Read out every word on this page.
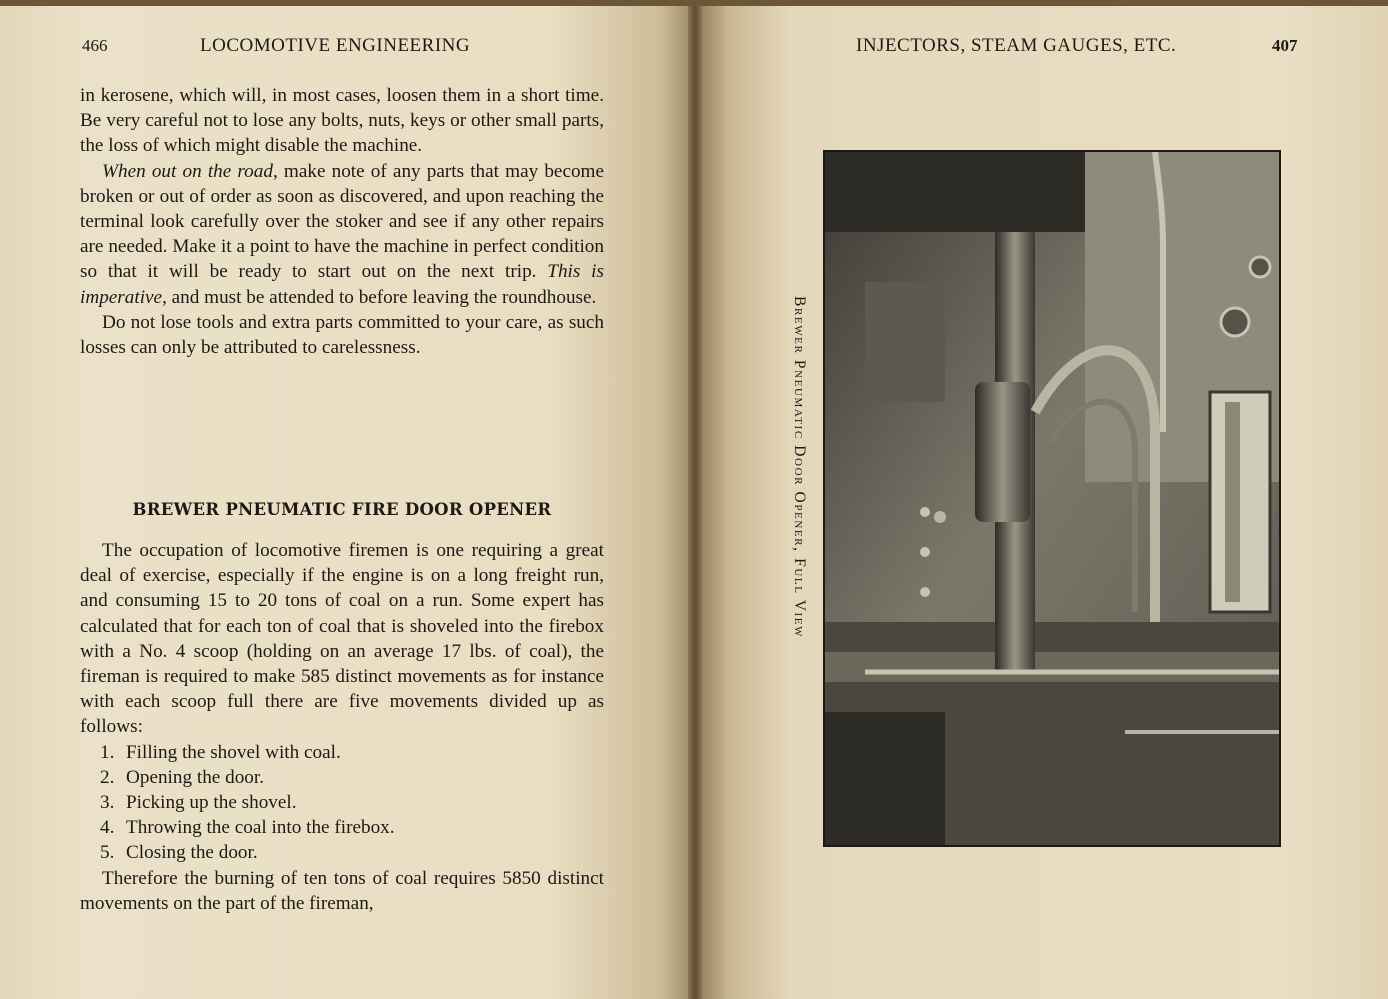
466	LOCOMOTIVE ENGINEERING

in kerosene, which will, in most cases, loosen them in a short time. Be very careful not to lose any bolts, nuts, keys or other small parts, the loss of which might disable the machine.

When out on the road, make note of any parts that may become broken or out of order as soon as discovered, and upon reaching the terminal look carefully over the stoker and see if any other repairs are needed. Make it a point to have the machine in perfect condition so that it will be ready to start out on the next trip. This is imperative, and must be attended to before leaving the roundhouse.

Do not lose tools and extra parts committed to your care, as such losses can only be attributed to carelessness.

BREWER PNEUMATIC FIRE DOOR OPENER

The occupation of locomotive firemen is one requiring a great deal of exercise, especially if the engine is on a long freight run, and consuming 15 to 20 tons of coal on a run. Some expert has calculated that for each ton of coal that is shoveled into the firebox with a No. 4 scoop (holding on an average 17 lbs. of coal), the fireman is required to make 585 distinct movements as for instance with each scoop full there are five movements divided up as follows:

1. Filling the shovel with coal.
2. Opening the door.
3. Picking up the shovel.
4. Throwing the coal into the firebox.
5. Closing the door.

Therefore the burning of ten tons of coal requires 5850 distinct movements on the part of the fireman,

INJECTORS, STEAM GAUGES, ETC.	407
Brewer Pneumatic Door Opener, Full View
